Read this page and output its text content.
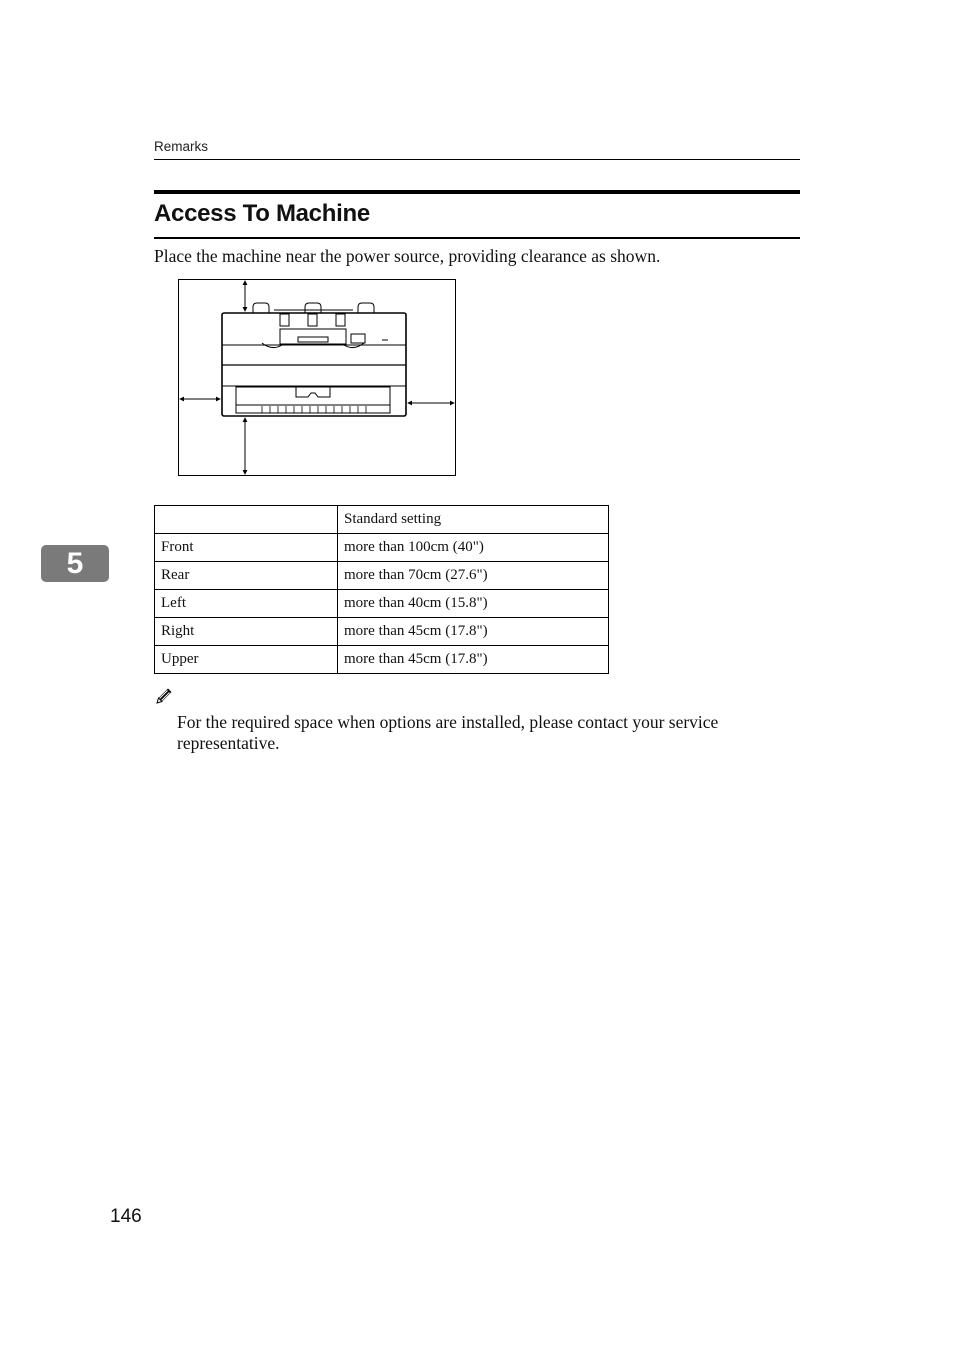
Remarks
Access To Machine
Place the machine near the power source, providing clearance as shown.
5
	Standard setting
Front	more than 100cm (40")
Rear	more than 70cm (27.6")
Left	more than 40cm (15.8")
Right	more than 45cm (17.8")
Upper	more than 45cm (17.8")
For the required space when options are installed, please contact your service representative.
146
